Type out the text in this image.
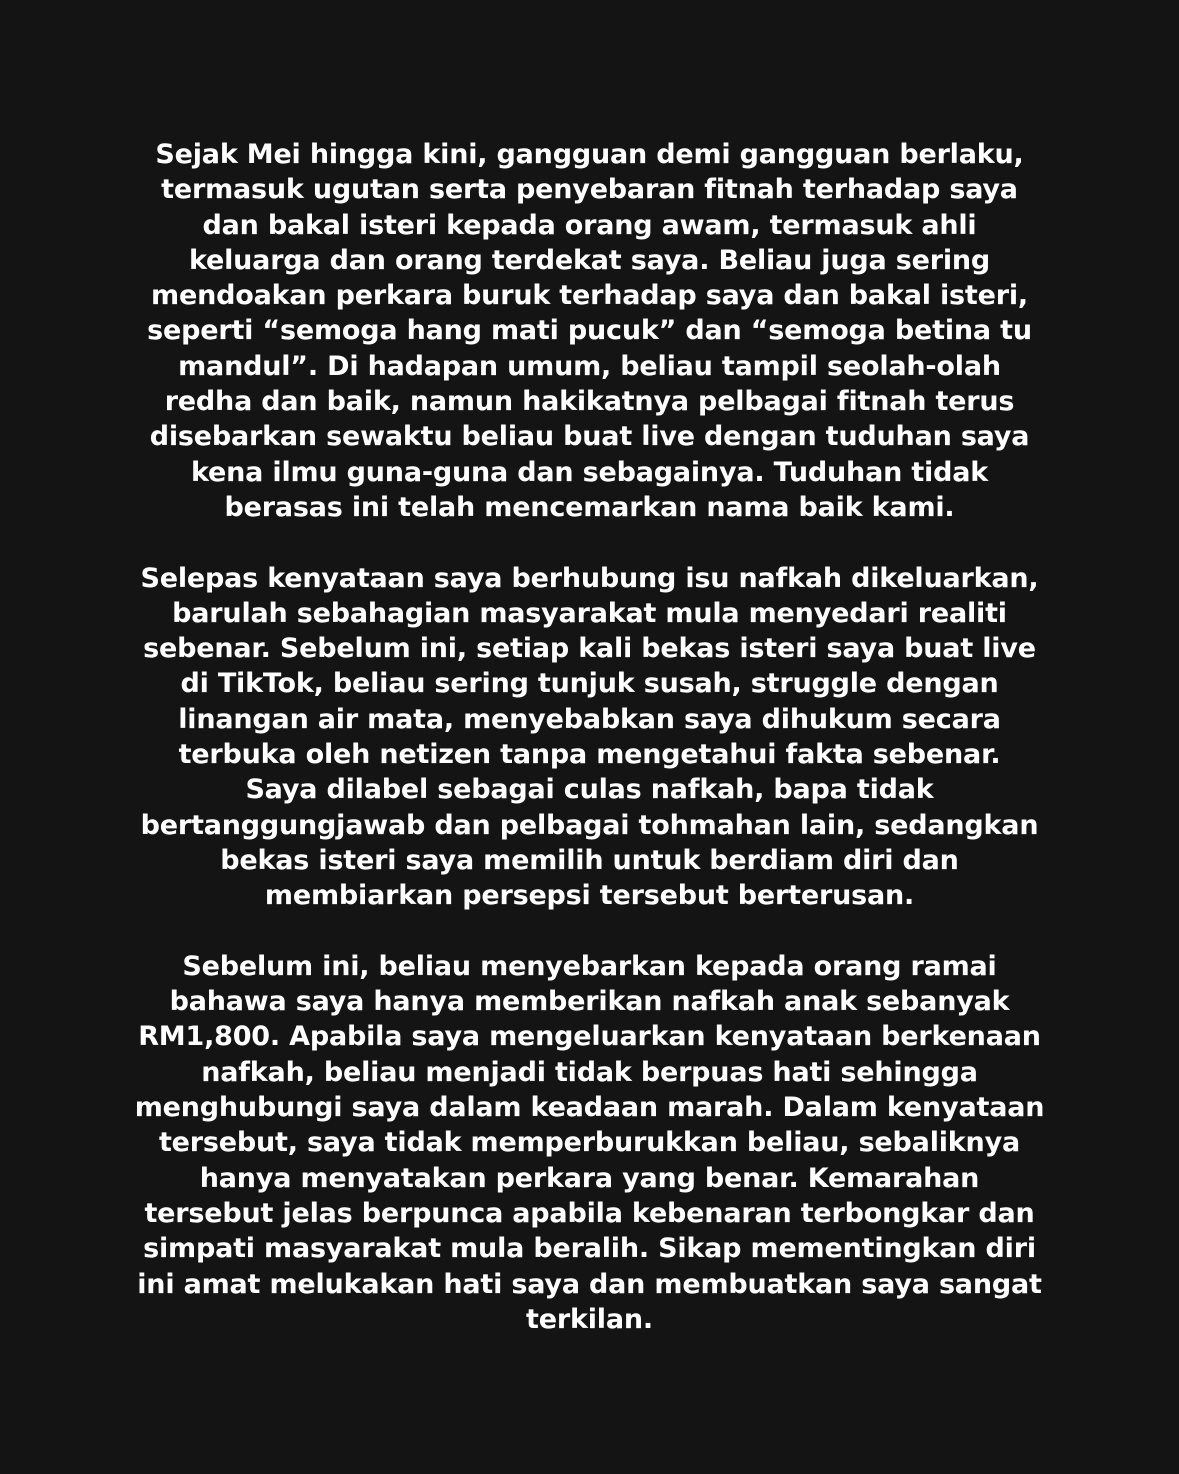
Sejak Mei hingga kini, gangguan demi gangguan berlaku,
termasuk ugutan serta penyebaran fitnah terhadap saya
dan bakal isteri kepada orang awam, termasuk ahli
keluarga dan orang terdekat saya. Beliau juga sering
mendoakan perkara buruk terhadap saya dan bakal isteri,
seperti “semoga hang mati pucuk” dan “semoga betina tu
mandul”. Di hadapan umum, beliau tampil seolah-olah
redha dan baik, namun hakikatnya pelbagai fitnah terus
disebarkan sewaktu beliau buat live dengan tuduhan saya
kena ilmu guna-guna dan sebagainya. Tuduhan tidak
berasas ini telah mencemarkan nama baik kami.

Selepas kenyataan saya berhubung isu nafkah dikeluarkan,
barulah sebahagian masyarakat mula menyedari realiti
sebenar. Sebelum ini, setiap kali bekas isteri saya buat live
di TikTok, beliau sering tunjuk susah, struggle dengan
linangan air mata, menyebabkan saya dihukum secara
terbuka oleh netizen tanpa mengetahui fakta sebenar.
Saya dilabel sebagai culas nafkah, bapa tidak
bertanggungjawab dan pelbagai tohmahan lain, sedangkan
bekas isteri saya memilih untuk berdiam diri dan
membiarkan persepsi tersebut berterusan.

Sebelum ini, beliau menyebarkan kepada orang ramai
bahawa saya hanya memberikan nafkah anak sebanyak
RM1,800. Apabila saya mengeluarkan kenyataan berkenaan
nafkah, beliau menjadi tidak berpuas hati sehingga
menghubungi saya dalam keadaan marah. Dalam kenyataan
tersebut, saya tidak memperburukkan beliau, sebaliknya
hanya menyatakan perkara yang benar. Kemarahan
tersebut jelas berpunca apabila kebenaran terbongkar dan
simpati masyarakat mula beralih. Sikap mementingkan diri
ini amat melukakan hati saya dan membuatkan saya sangat
terkilan.
